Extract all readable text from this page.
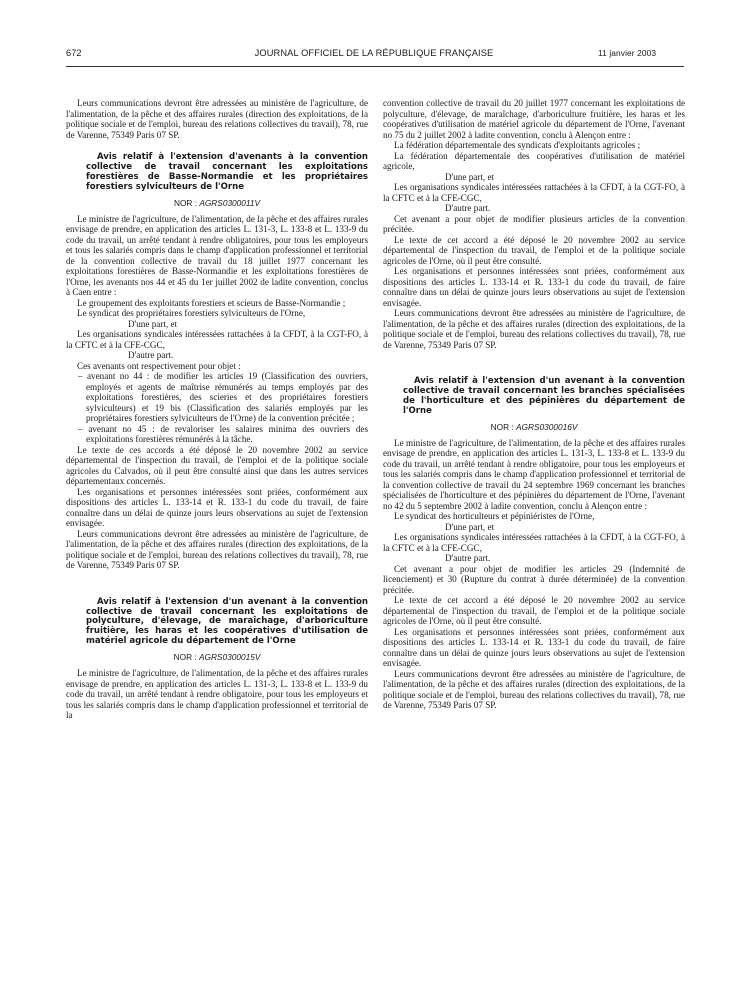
672	JOURNAL OFFICIEL DE LA RÉPUBLIQUE FRANÇAISE	11 janvier 2003

Leurs communications devront être adressées au ministère de l'agriculture, de l'alimentation, de la pêche et des affaires rurales (direction des exploitations, de la politique sociale et de l'emploi, bureau des relations collectives du travail), 78, rue de Varenne, 75349 Paris 07 SP.

Avis relatif à l'extension d'avenants à la convention collective de travail concernant les exploitations forestières de Basse-Normandie et les propriétaires forestiers sylviculteurs de l'Orne

NOR : AGRS0300011V

Le ministre de l'agriculture, de l'alimentation, de la pêche et des affaires rurales envisage de prendre, en application des articles L. 131-3, L. 133-8 et L. 133-9 du code du travail, un arrêté tendant à rendre obligatoires, pour tous les employeurs et tous les salariés compris dans le champ d'application professionnel et territorial de la convention collective de travail du 18 juillet 1977 concernant les exploitations forestières de Basse-Normandie et les exploitations forestières de l'Orne, les avenants nos 44 et 45 du 1er juillet 2002 de ladite convention, conclus à Caen entre :

Le groupement des exploitants forestiers et scieurs de Basse-Normandie ;

Le syndicat des propriétaires forestiers sylviculteurs de l'Orne,

D'une part, et

Les organisations syndicales intéressées rattachées à la CFDT, à la CGT-FO, à la CFTC et à la CFE-CGC,

D'autre part.

Ces avenants ont respectivement pour objet :

– avenant no 44 : de modifier les articles 19 (Classification des ouvriers, employés et agents de maîtrise rémunérés au temps employés par des exploitations forestières, des scieries et des propriétaires forestiers sylviculteurs) et 19 bis (Classification des salariés employés par les propriétaires forestiers sylviculteurs de l'Orne) de la convention précitée ;

– avenant no 45 : de revaloriser les salaires minima des ouvriers des exploitations forestières rémunérés à la tâche.

Le texte de ces accords a été déposé le 20 novembre 2002 au service départemental de l'inspection du travail, de l'emploi et de la politique sociale agricoles du Calvados, où il peut être consulté ainsi que dans les autres services départementaux concernés.

Les organisations et personnes intéressées sont priées, conformément aux dispositions des articles L. 133-14 et R. 133-1 du code du travail, de faire connaître dans un délai de quinze jours leurs observations au sujet de l'extension envisagée.

Leurs communications devront être adressées au ministère de l'agriculture, de l'alimentation, de la pêche et des affaires rurales (direction des exploitations, de la politique sociale et de l'emploi, bureau des relations collectives du travail), 78, rue de Varenne, 75349 Paris 07 SP.

Avis relatif à l'extension d'un avenant à la convention collective de travail concernant les exploitations de polyculture, d'élevage, de maraîchage, d'arboriculture fruitière, les haras et les coopératives d'utilisation de matériel agricole du département de l'Orne

NOR : AGRS0300015V

Le ministre de l'agriculture, de l'alimentation, de la pêche et des affaires rurales envisage de prendre, en application des articles L. 131-3, L. 133-8 et L. 133-9 du code du travail, un arrêté tendant à rendre obligatoire, pour tous les employeurs et tous les salariés compris dans le champ d'application professionnel et territorial de la

convention collective de travail du 20 juillet 1977 concernant les exploitations de polyculture, d'élevage, de maraîchage, d'arboriculture fruitière, les haras et les coopératives d'utilisation de matériel agricole du département de l'Orne, l'avenant no 75 du 2 juillet 2002 à ladite convention, conclu à Alençon entre :

La fédération départementale des syndicats d'exploitants agricoles ;

La fédération départementale des coopératives d'utilisation de matériel agricole,

D'une part, et

Les organisations syndicales intéressées rattachées à la CFDT, à la CGT-FO, à la CFTC et à la CFE-CGC,

D'autre part.

Cet avenant a pour objet de modifier plusieurs articles de la convention précitée.

Le texte de cet accord a été déposé le 20 novembre 2002 au service départemental de l'inspection du travail, de l'emploi et de la politique sociale agricoles de l'Orne, où il peut être consulté.

Les organisations et personnes intéressées sont priées, conformément aux dispositions des articles L. 133-14 et R. 133-1 du code du travail, de faire connaître dans un délai de quinze jours leurs observations au sujet de l'extension envisagée.

Leurs communications devront être adressées au ministère de l'agriculture, de l'alimentation, de la pêche et des affaires rurales (direction des exploitations, de la politique sociale et de l'emploi, bureau des relations collectives du travail), 78, rue de Varenne, 75349 Paris 07 SP.

Avis relatif à l'extension d'un avenant à la convention collective de travail concernant les branches spécialisées de l'horticulture et des pépinières du département de l'Orne

NOR : AGRS0300016V

Le ministre de l'agriculture, de l'alimentation, de la pêche et des affaires rurales envisage de prendre, en application des articles L. 131-3, L. 133-8 et L. 133-9 du code du travail, un arrêté tendant à rendre obligatoire, pour tous les employeurs et tous les salariés compris dans le champ d'application professionnel et territorial de la convention collective de travail du 24 septembre 1969 concernant les branches spécialisées de l'horticulture et des pépinières du département de l'Orne, l'avenant no 42 du 5 septembre 2002 à ladite convention, conclu à Alençon entre :

Le syndicat des horticulteurs et pépiniéristes de l'Orne,

D'une part, et

Les organisations syndicales intéressées rattachées à la CFDT, à la CGT-FO, à la CFTC et à la CFE-CGC,

D'autre part.

Cet avenant a pour objet de modifier les articles 29 (Indemnité de licenciement) et 30 (Rupture du contrat à durée déterminée) de la convention précitée.

Le texte de cet accord a été déposé le 20 novembre 2002 au service départemental de l'inspection du travail, de l'emploi et de la politique sociale agricoles de l'Orne, où il peut être consulté.

Les organisations et personnes intéressées sont priées, conformément aux dispositions des articles L. 133-14 et R. 133-1 du code du travail, de faire connaître dans un délai de quinze jours leurs observations au sujet de l'extension envisagée.

Leurs communications devront être adressées au ministère de l'agriculture, de l'alimentation, de la pêche et des affaires rurales (direction des exploitations, de la politique sociale et de l'emploi, bureau des relations collectives du travail), 78, rue de Varenne, 75349 Paris 07 SP.
